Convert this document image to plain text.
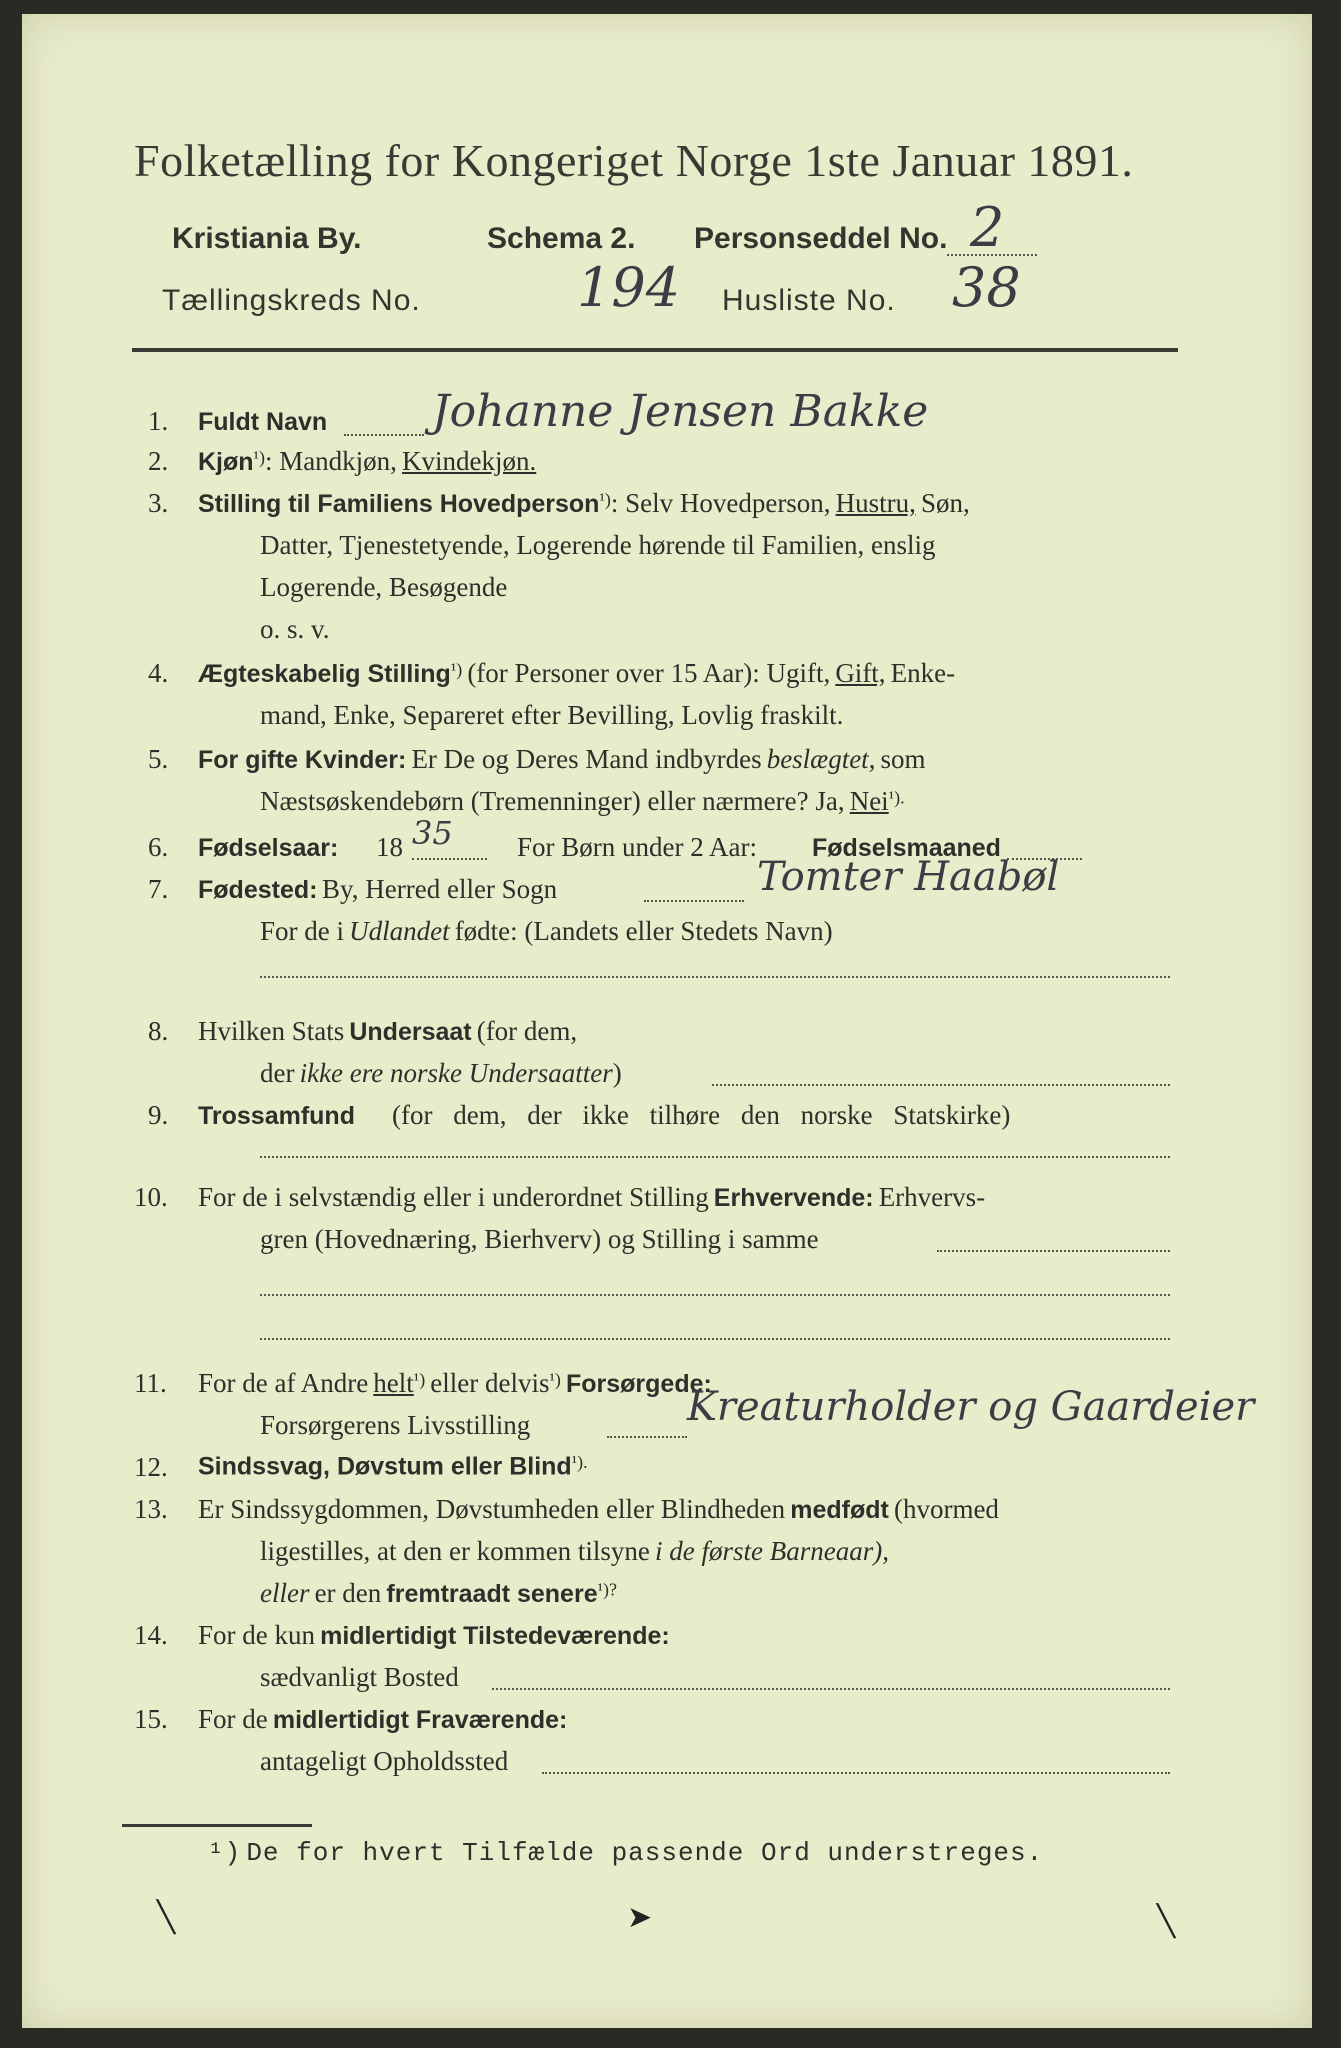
Folketælling for Kongeriget Norge 1ste Januar 1891.
Kristiania By.	Schema 2. Personseddel No. 2
Tællingskreds No.	194 Husliste No. 38
1. Fuldt Navn Johanne Jensen Bakke
2. Kjøn¹): Mandkjøn, Kvindekjøn.
3. Stilling til Familiens Hovedperson¹): Selv Hovedperson, Hustru, Søn,
Datter, Tjenestetyende, Logerende hørende til Familien, enslig
Logerende, Besøgende
o. s. v.
4. Ægteskabelig Stilling¹) (for Personer over 15 Aar): Ugift, Gift, Enke-
mand, Enke, Separeret efter Bevilling, Lovlig fraskilt.
5. For gifte Kvinder: Er De og Deres Mand indbyrdes beslægtet, som
Næstsøskendebørn (Tremenninger) eller nærmere? Ja, Nei¹).
6. Fødselsaar: 18 35 For Børn under 2 Aar: Fødselsmaaned
7. Fødested: By, Herred eller Sogn	Tomter Haabøl
For de i Udlandet fødte: (Landets eller Stedets Navn)
8. Hvilken Stats Undersaat (for dem,
der ikke ere norske Undersaatter)
9. Trossamfund (for dem, der ikke tilhøre den norske Statskirke)
10. For de i selvstændig eller i underordnet Stilling Erhvervende: Erhvervs-
gren (Hovednæring, Bierhverv) og Stilling i samme
11. For de af Andre helt¹) eller delvis¹) Forsørgede:
Forsørgerens Livsstilling	Kreaturholder og Gaardeier
12. Sindssvag, Døvstum eller Blind¹).
13. Er Sindssygdommen, Døvstumheden eller Blindheden medfødt (hvormed
ligestilles, at den er kommen tilsyne i de første Barneaar),
eller er den fremtraadt senere¹)?
14. For de kun midlertidigt Tilstedeværende:
sædvanligt Bosted
15. For de midlertidigt Fraværende:
antageligt Opholdssted
¹) De for hvert Tilfælde passende Ord understreges.
╲	➤	╲
